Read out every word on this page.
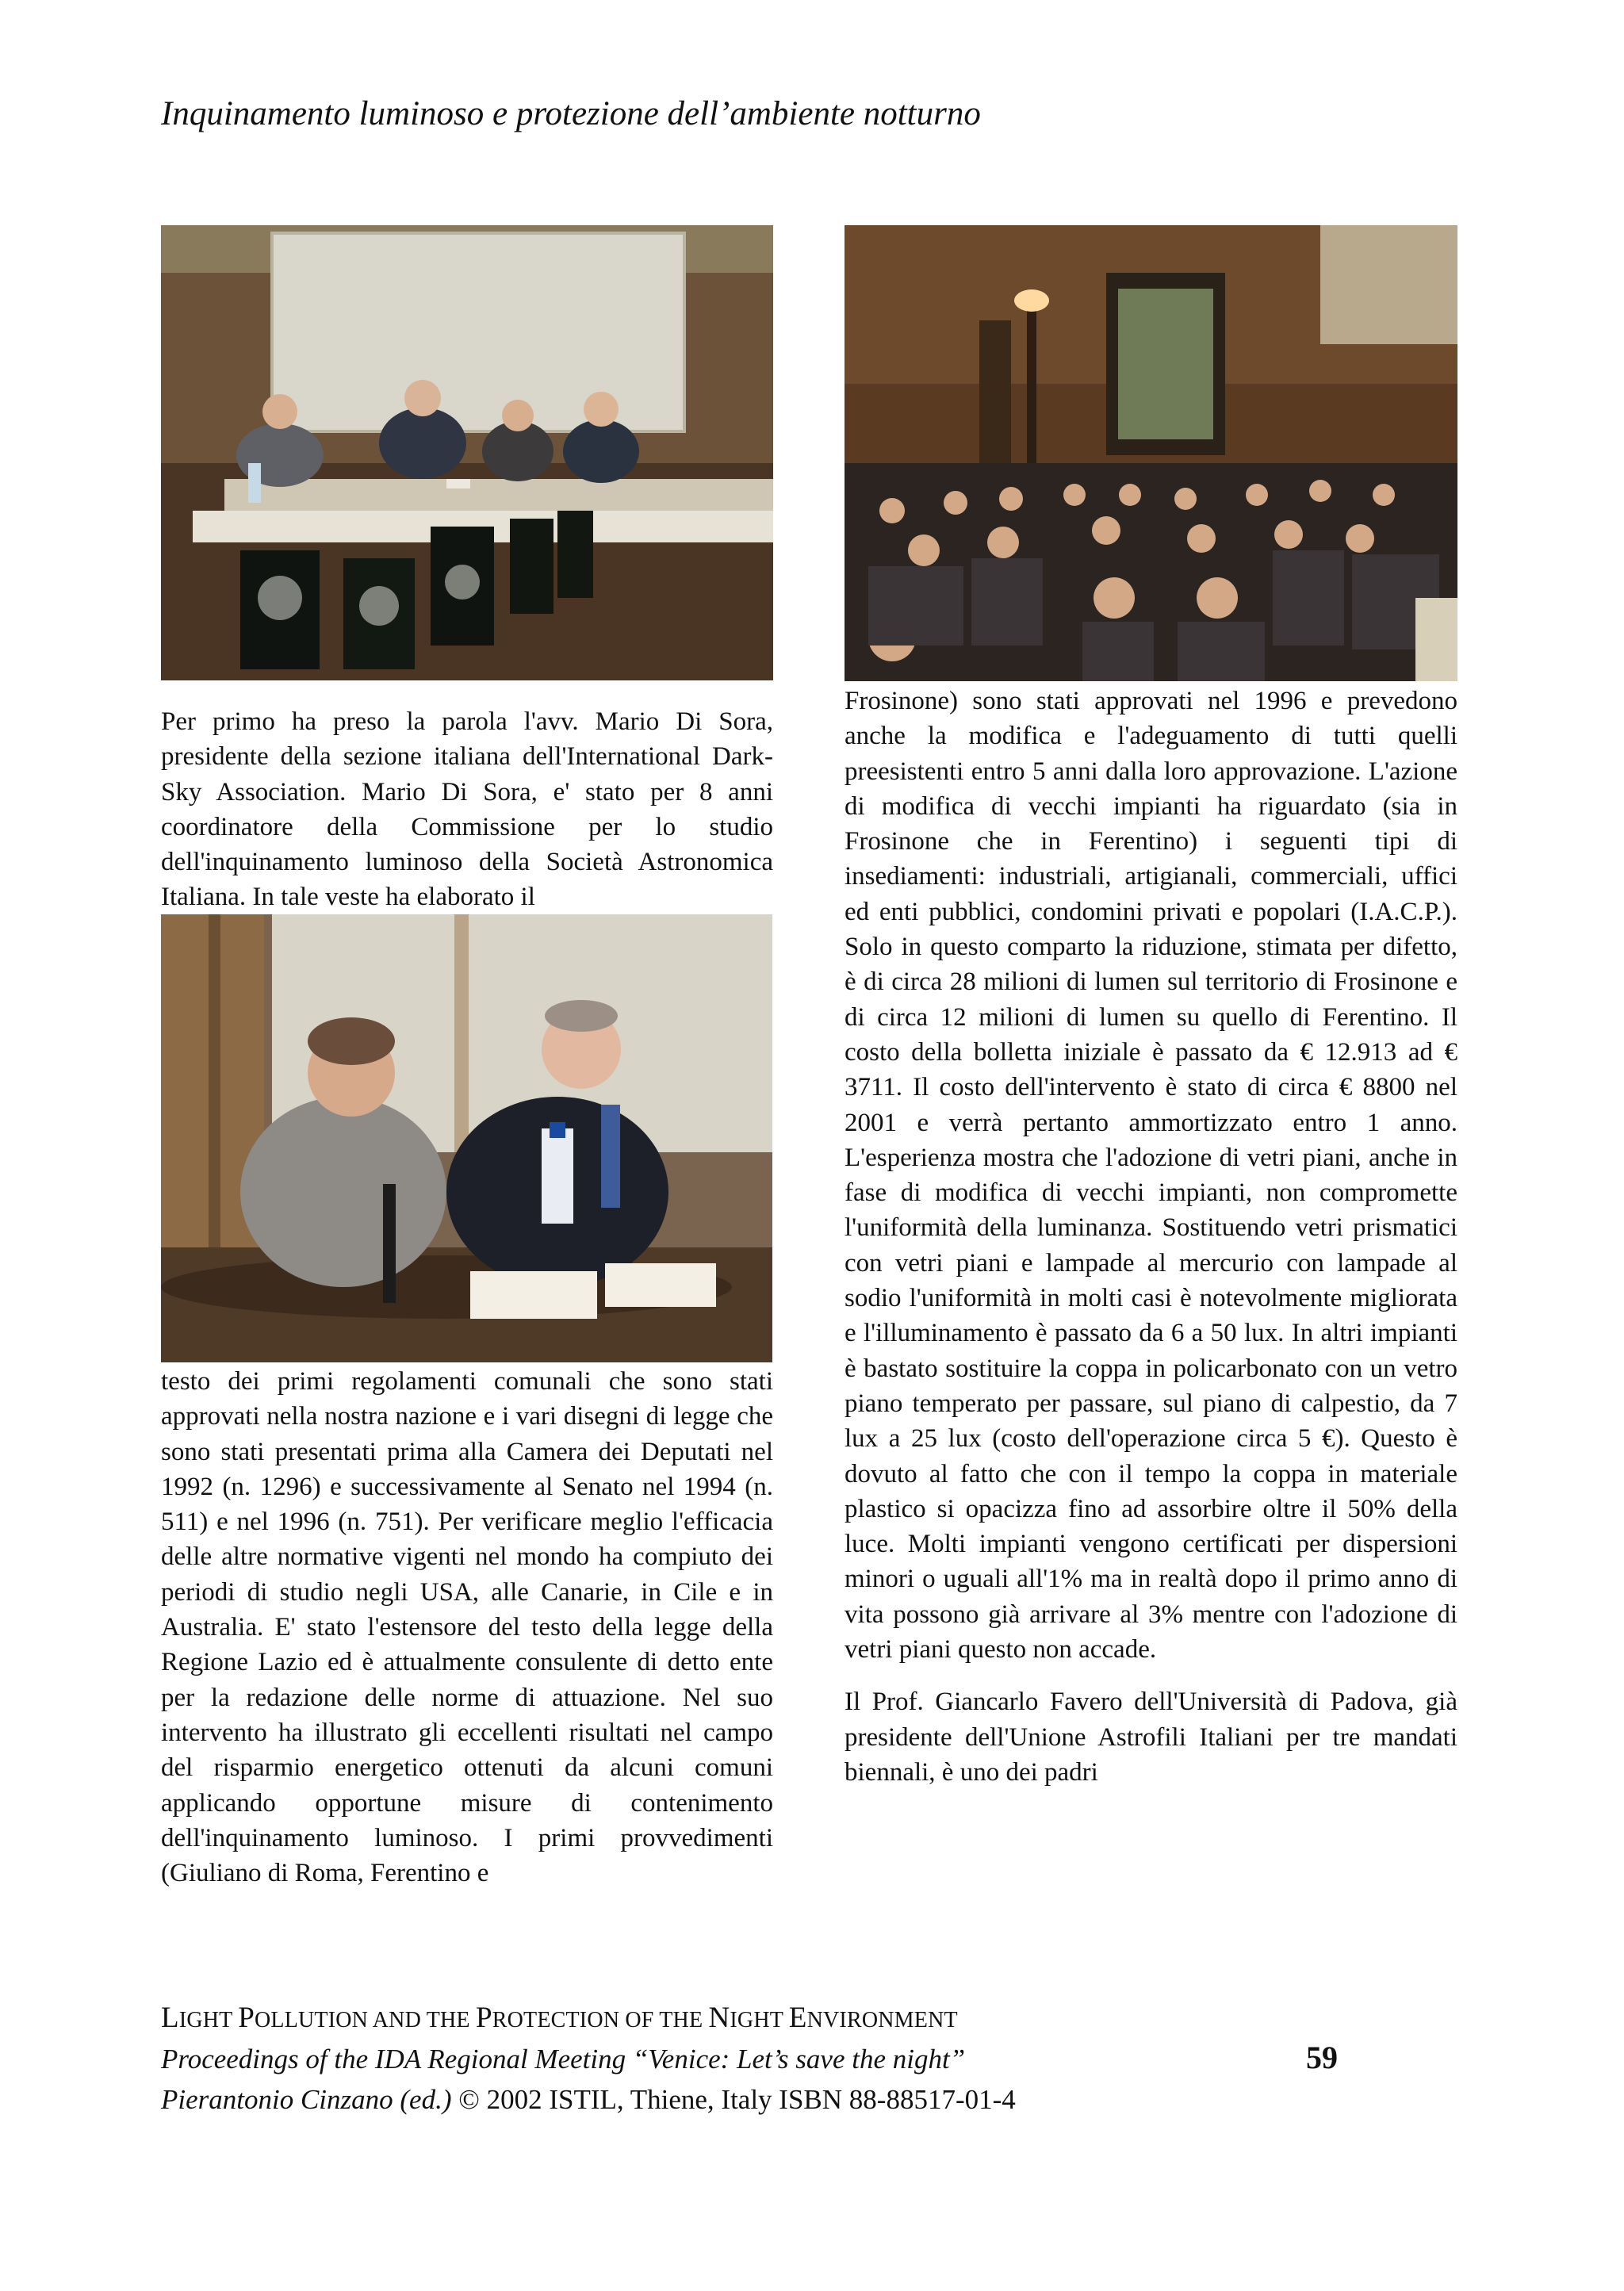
Inquinamento luminoso e protezione dell’ambiente notturno

Per primo ha preso la parola l'avv. Mario Di Sora, presidente della sezione italiana dell'International Dark-Sky Association. Mario Di Sora, e' stato per 8 anni coordinatore della Commissione per lo studio dell'inquinamento luminoso della Società Astronomica Italiana. In tale veste ha elaborato il

testo dei primi regolamenti comunali che sono stati approvati nella nostra nazione e i vari disegni di legge che sono stati presentati prima alla Camera dei Deputati nel 1992 (n. 1296) e successivamente al Senato nel 1994 (n. 511) e nel 1996 (n. 751). Per verificare meglio l'efficacia delle altre normative vigenti nel mondo ha compiuto dei periodi di studio negli USA, alle Canarie, in Cile e in Australia. E' stato l'estensore del testo della legge della Regione Lazio ed è attualmente consulente di detto ente per la redazione delle norme di attuazione. Nel suo intervento ha illustrato gli eccellenti risultati nel campo del risparmio energetico ottenuti da alcuni comuni applicando opportune misure di contenimento dell'inquinamento luminoso. I primi provvedimenti (Giuliano di Roma, Ferentino e

Frosinone) sono stati approvati nel 1996 e prevedono anche la modifica e l'adeguamento di tutti quelli preesistenti entro 5 anni dalla loro approvazione. L'azione di modifica di vecchi impianti ha riguardato (sia in Frosinone che in Ferentino) i seguenti tipi di insediamenti: industriali, artigianali, commerciali, uffici ed enti pubblici, condomini privati e popolari (I.A.C.P.). Solo in questo comparto la riduzione, stimata per difetto, è di circa 28 milioni di lumen sul territorio di Frosinone e di circa 12 milioni di lumen su quello di Ferentino. Il costo della bolletta iniziale è passato da € 12.913 ad € 3711. Il costo dell'intervento è stato di circa € 8800 nel 2001 e verrà pertanto ammortizzato entro 1 anno. L'esperienza mostra che l'adozione di vetri piani, anche in fase di modifica di vecchi impianti, non compromette l'uniformità della luminanza. Sostituendo vetri prismatici con vetri piani e lampade al mercurio con lampade al sodio l'uniformità in molti casi è notevolmente migliorata e l'illuminamento è passato da 6 a 50 lux. In altri impianti è bastato sostituire la coppa in policarbonato con un vetro piano temperato per passare, sul piano di calpestio, da 7 lux a 25 lux (costo dell'operazione circa 5 €). Questo è dovuto al fatto che con il tempo la coppa in materiale plastico si opacizza fino ad assorbire oltre il 50% della luce. Molti impianti vengono certificati per dispersioni minori o uguali all'1% ma in realtà dopo il primo anno di vita possono già arrivare al 3% mentre con l'adozione di vetri piani questo non accade.

Il Prof. Giancarlo Favero dell'Università di Padova, già presidente dell'Unione Astrofili Italiani per tre mandati biennali, è uno dei padri

LIGHT POLLUTION AND THE PROTECTION OF THE NIGHT ENVIRONMENT
Proceedings of the IDA Regional Meeting “Venice: Let’s save the night”
Pierantonio Cinzano (ed.) © 2002 ISTIL, Thiene, Italy ISBN 88-88517-01-4
59
